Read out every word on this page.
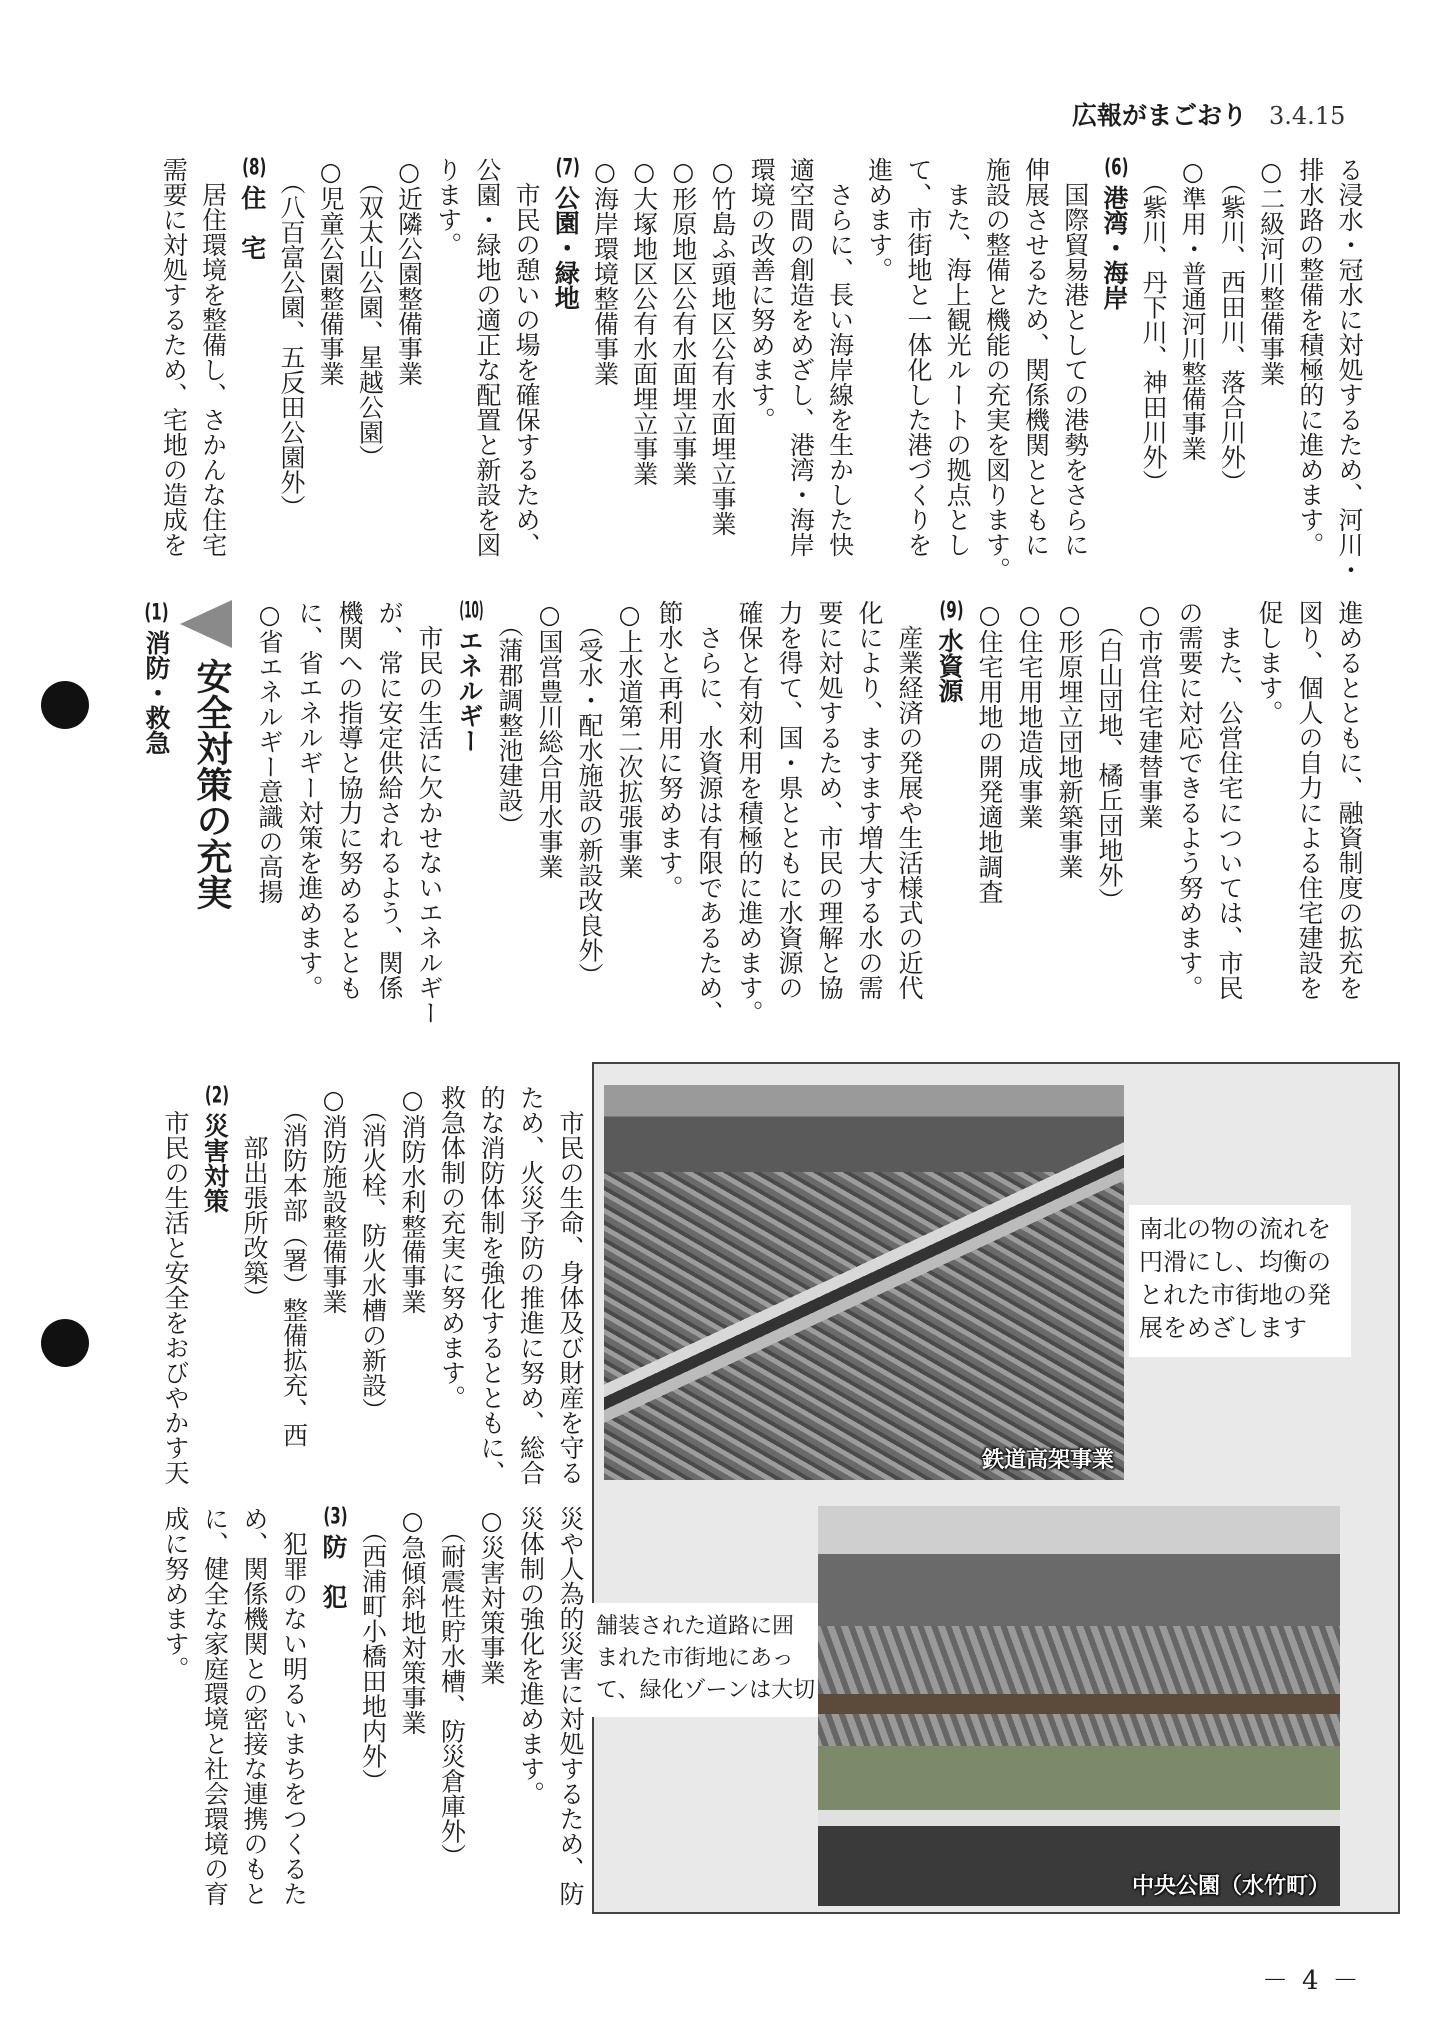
広報がまごおり 3.4.15
る浸水・冠水に対処するため、河川・
排水路の整備を積極的に進めます。
○二級河川整備事業
　（紫川、西田川、落合川外）
○準用・普通河川整備事業
　（紫川、丹下川、神田川外）
(6)
港湾・海岸
　国際貿易港としての港勢をさらに
伸展させるため、関係機関とともに
施設の整備と機能の充実を図ります。
　また、海上観光ルートの拠点とし
て、市街地と一体化した港づくりを
進めます。
　さらに、長い海岸線を生かした快
適空間の創造をめざし、港湾・海岸
環境の改善に努めます。
○竹島ふ頭地区公有水面埋立事業
○形原地区公有水面埋立事業
○大塚地区公有水面埋立事業
○海岸環境整備事業
(7)
公園・緑地
　市民の憩いの場を確保するため、
公園・緑地の適正な配置と新設を図
ります。
○近隣公園整備事業
　（双太山公園、星越公園）
○児童公園整備事業
　（八百富公園、五反田公園外）
(8)
住　宅
　居住環境を整備し、さかんな住宅
需要に対処するため、宅地の造成を
進めるとともに、融資制度の拡充を
図り、個人の自力による住宅建設を
促します。
　また、公営住宅については、市民
の需要に対応できるよう努めます。
○市営住宅建替事業
　（白山団地、橘丘団地外）
○形原埋立団地新築事業
○住宅用地造成事業
○住宅用地の開発適地調査
(9)
水資源
　産業経済の発展や生活様式の近代
化により、ますます増大する水の需
要に対処するため、市民の理解と協
力を得て、国・県とともに水資源の
確保と有効利用を積極的に進めます。
　さらに、水資源は有限であるため、
節水と再利用に努めます。
○上水道第二次拡張事業
　（受水・配水施設の新設改良外）
○国営豊川総合用水事業
　（蒲郡調整池建設）
(10)
エネルギー
　市民の生活に欠かせないエネルギー
が、常に安定供給されるよう、関係
機関への指導と協力に努めるととも
に、省エネルギー対策を進めます。
○省エネルギー意識の高揚
　市民の生命、身体及び財産を守る
ため、火災予防の推進に努め、総合
的な消防体制を強化するとともに、
救急体制の充実に努めます。
○消防水利整備事業
　（消火栓、防火水槽の新設）
○消防施設整備事業
　（消防本部（署）整備拡充、西
　　部出張所改築）
(2)
災害対策
　市民の生活と安全をおびやかす天
災や人為的災害に対処するため、防
災体制の強化を進めます。
○災害対策事業
　（耐震性貯水槽、防災倉庫外）
○急傾斜地対策事業
　（西浦町小橋田地内外）
(3)
防　犯
　犯罪のない明るいまちをつくるた
め、関係機関との密接な連携のもと
に、健全な家庭環境と社会環境の育
成に努めます。
安全対策の充実
(1)消防・救急
鉄道高架事業
南北の物の流れを
円滑にし、均衡の
とれた市街地の発
展をめざします
中央公園（水竹町）
舗装された道路に囲
まれた市街地にあっ
て、緑化ゾーンは大切
－4－
